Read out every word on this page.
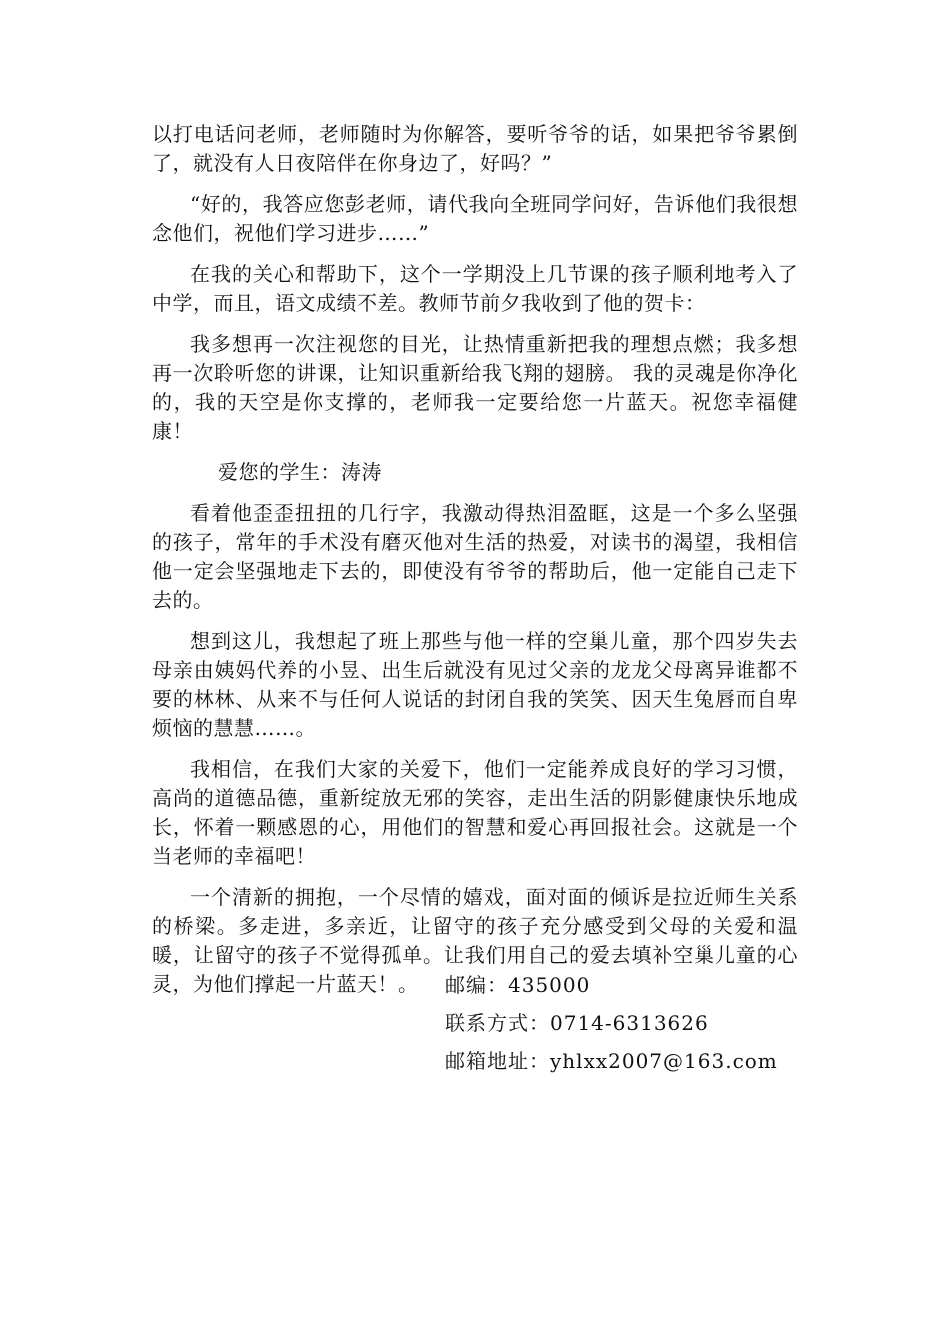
以打电话问老师，老师随时为你解答，要听爷爷的话，如果把爷爷累倒了，就没有人日夜陪伴在你身边了，好吗？”

“好的，我答应您彭老师，请代我向全班同学问好，告诉他们我很想念他们，祝他们学习进步……”

在我的关心和帮助下，这个一学期没上几节课的孩子顺利地考入了中学，而且，语文成绩不差。教师节前夕我收到了他的贺卡：

我多想再一次注视您的目光，让热情重新把我的理想点燃；我多想再一次聆听您的讲课，让知识重新给我飞翔的翅膀。 我的灵魂是你净化的，我的天空是你支撑的，老师我一定要给您一片蓝天。祝您幸福健康！

爱您的学生：涛涛

看着他歪歪扭扭的几行字，我激动得热泪盈眶，这是一个多么坚强的孩子，常年的手术没有磨灭他对生活的热爱，对读书的渴望，我相信他一定会坚强地走下去的，即使没有爷爷的帮助后，他一定能自己走下去的。

想到这儿，我想起了班上那些与他一样的空巢儿童，那个四岁失去母亲由姨妈代养的小昱、出生后就没有见过父亲的龙龙父母离异谁都不要的林林、从来不与任何人说话的封闭自我的笑笑、因天生兔唇而自卑烦恼的慧慧……。

我相信，在我们大家的关爱下，他们一定能养成良好的学习习惯，高尚的道德品德，重新绽放无邪的笑容，走出生活的阴影健康快乐地成长，怀着一颗感恩的心，用他们的智慧和爱心再回报社会。这就是一个当老师的幸福吧！

一个清新的拥抱，一个尽情的嬉戏，面对面的倾诉是拉近师生关系的桥梁。多走进，多亲近，让留守的孩子充分感受到父母的关爱和温暖，让留守的孩子不觉得孤单。让我们用自己的爱去填补空巢儿童的心灵，为他们撑起一片蓝天！。	邮编：435000
联系方式：0714-6313626
邮箱地址：yhlxx2007@163.com
